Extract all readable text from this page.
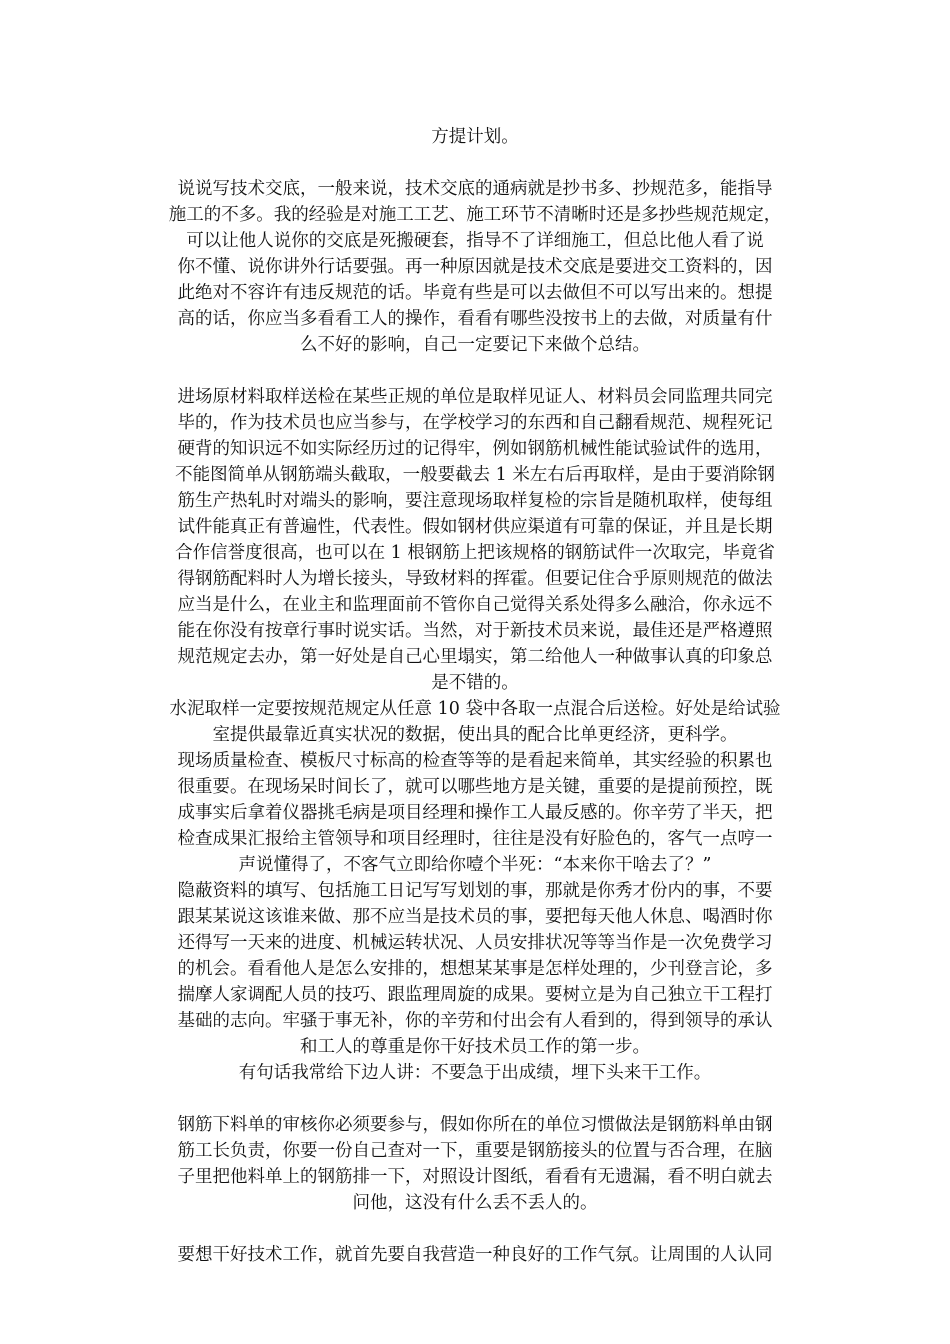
方提计划。

说说写技术交底，一般来说，技术交底的通病就是抄书多、抄规范多，能指导

施工的不多。我的经验是对施工工艺、施工环节不清晰时还是多抄些规范规定，

可以让他人说你的交底是死搬硬套，指导不了详细施工，但总比他人看了说

你不懂、说你讲外行话要强。再一种原因就是技术交底是要进交工资料的，因

此绝对不容许有违反规范的话。毕竟有些是可以去做但不可以写出来的。想提

高的话，你应当多看看工人的操作，看看有哪些没按书上的去做，对质量有什

么不好的影响，自己一定要记下来做个总结。

进场原材料取样送检在某些正规的单位是取样见证人、材料员会同监理共同完

毕的，作为技术员也应当参与，在学校学习的东西和自己翻看规范、规程死记

硬背的知识远不如实际经历过的记得牢，例如钢筋机械性能试验试件的选用，

不能图简单从钢筋端头截取，一般要截去 1 米左右后再取样，是由于要消除钢

筋生产热轧时对端头的影响，要注意现场取样复检的宗旨是随机取样，使每组

试件能真正有普遍性，代表性。假如钢材供应渠道有可靠的保证，并且是长期

合作信誉度很高，也可以在 1 根钢筋上把该规格的钢筋试件一次取完，毕竟省

得钢筋配料时人为增长接头，导致材料的挥霍。但要记住合乎原则规范的做法

应当是什么，在业主和监理面前不管你自己觉得关系处得多么融洽，你永远不

能在你没有按章行事时说实话。当然，对于新技术员来说，最佳还是严格遵照

规范规定去办，第一好处是自己心里塌实，第二给他人一种做事认真的印象总

是不错的。

水泥取样一定要按规范规定从任意 10 袋中各取一点混合后送检。好处是给试验

室提供最靠近真实状况的数据，使出具的配合比单更经济，更科学。

现场质量检查、模板尺寸标高的检查等等的是看起来简单，其实经验的积累也

很重要。在现场呆时间长了，就可以哪些地方是关键，重要的是提前预控，既

成事实后拿着仪器挑毛病是项目经理和操作工人最反感的。你辛劳了半天，把

检查成果汇报给主管领导和项目经理时，往往是没有好脸色的，客气一点哼一

声说懂得了，不客气立即给你噎个半死：“本来你干啥去了？”

隐蔽资料的填写、包括施工日记写写划划的事，那就是你秀才份内的事，不要

跟某某说这该谁来做、那不应当是技术员的事，要把每天他人休息、喝酒时你

还得写一天来的进度、机械运转状况、人员安排状况等等当作是一次免费学习

的机会。看看他人是怎么安排的，想想某某事是怎样处理的，少刊登言论，多

揣摩人家调配人员的技巧、跟监理周旋的成果。要树立是为自己独立干工程打

基础的志向。牢骚于事无补，你的辛劳和付出会有人看到的，得到领导的承认

和工人的尊重是你干好技术员工作的第一步。

有句话我常给下边人讲：不要急于出成绩，埋下头来干工作。

钢筋下料单的审核你必须要参与，假如你所在的单位习惯做法是钢筋料单由钢

筋工长负责，你要一份自己查对一下，重要是钢筋接头的位置与否合理，在脑

子里把他料单上的钢筋排一下，对照设计图纸，看看有无遗漏，看不明白就去

问他，这没有什么丢不丢人的。

要想干好技术工作，就首先要自我营造一种良好的工作气氛。让周围的人认同
